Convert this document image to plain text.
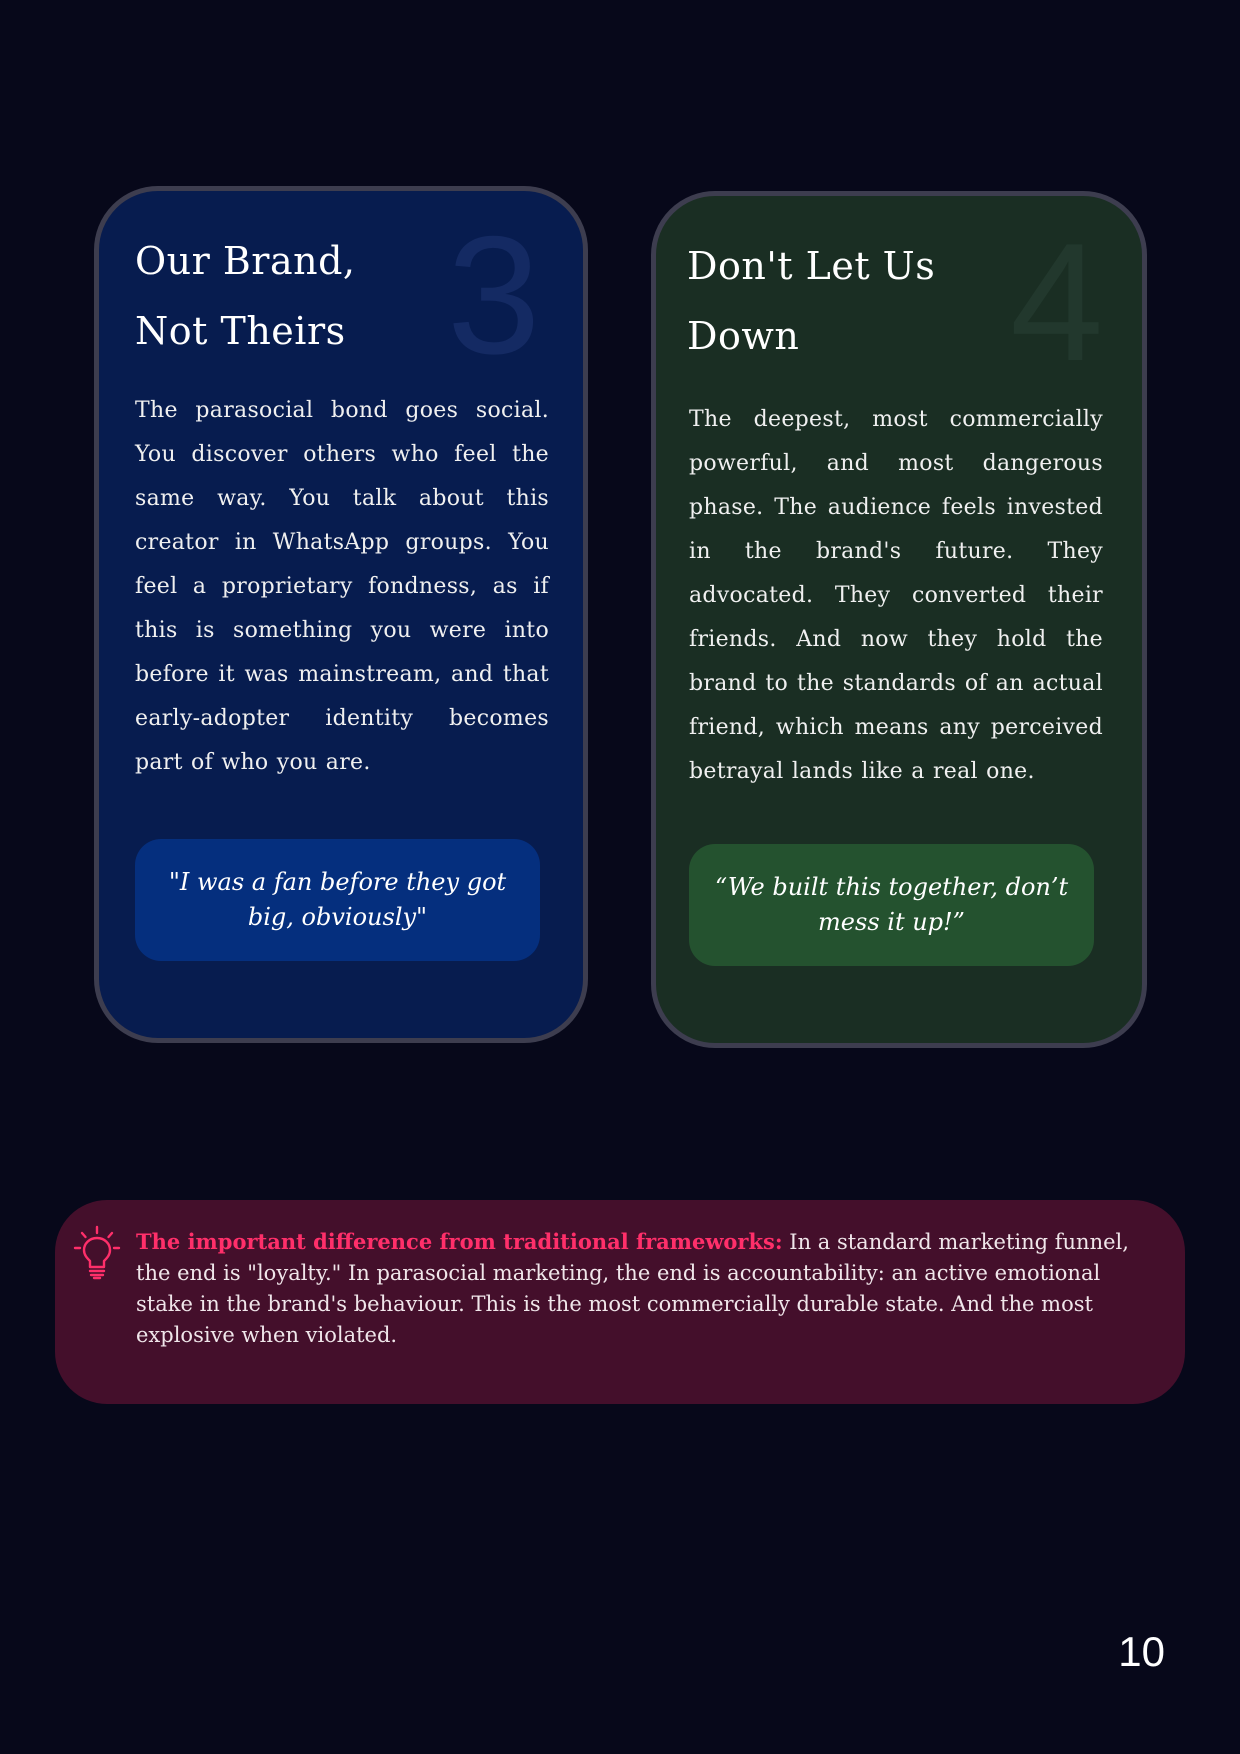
3
Our Brand,
Not Theirs
The parasocial bond goes social. You discover others who feel the same way. You talk about this creator in WhatsApp groups. You feel a proprietary fondness, as if this is something you were into before it was mainstream, and that early-adopter identity becomes part of who you are.
"I was a fan before they got big, obviously"
4
Don't Let Us
Down
The deepest, most commercially powerful, and most dangerous phase. The audience feels invested in the brand's future. They advocated. They converted their friends. And now they hold the brand to the standards of an actual friend, which means any perceived betrayal lands like a real one.
“We built this together, don’t mess it up!”
The important difference from traditional frameworks: In a standard marketing funnel, the end is "loyalty." In parasocial marketing, the end is accountability: an active emotional stake in the brand's behaviour. This is the most commercially durable state. And the most explosive when violated.
10
